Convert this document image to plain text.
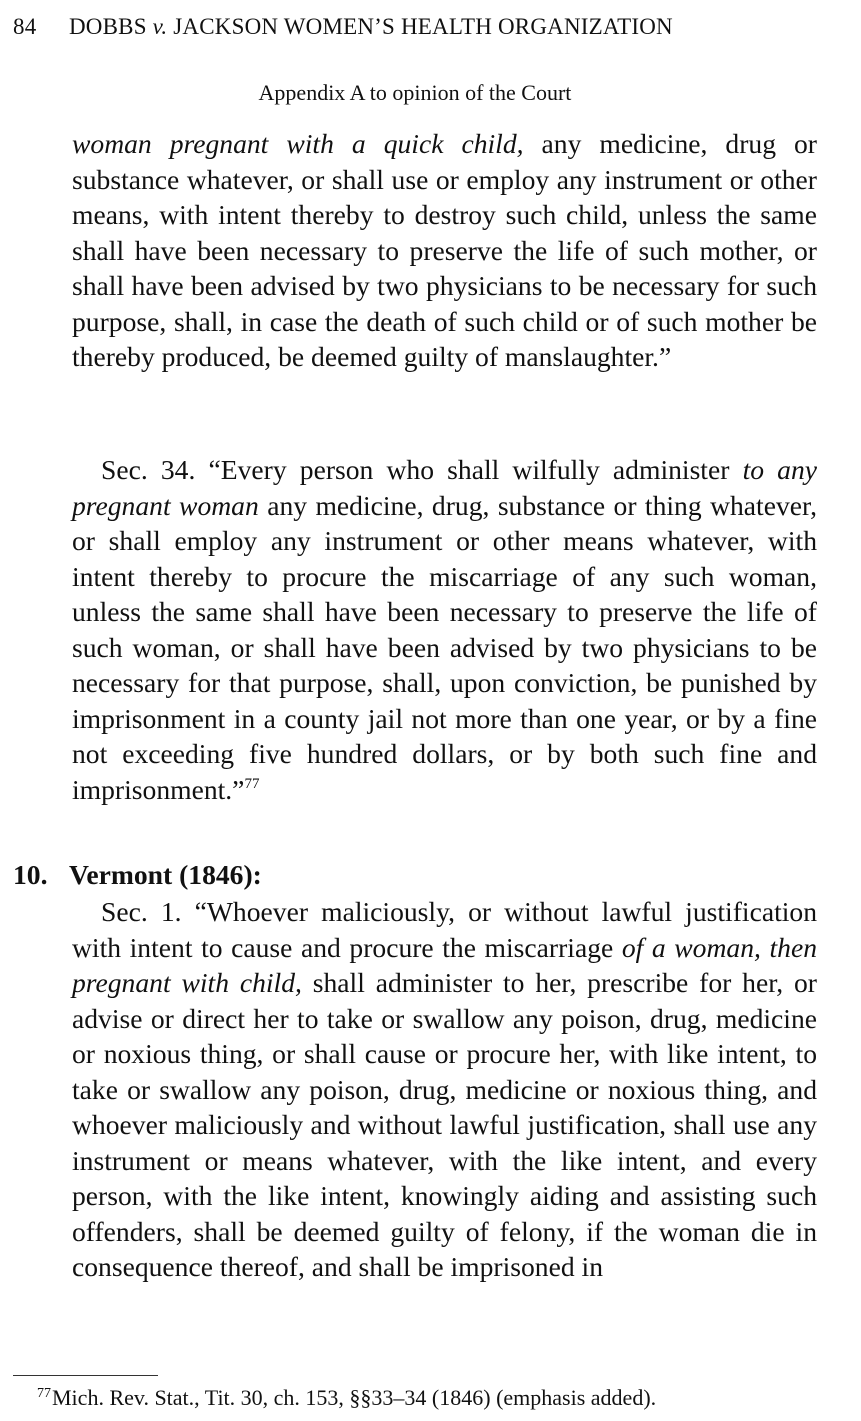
84 DOBBS v. JACKSON WOMEN’S HEALTH ORGANIZATION
Appendix A to opinion of the Court

woman pregnant with a quick child, any medicine, drug or substance whatever, or shall use or employ any instrument or other means, with intent thereby to destroy such child, unless the same shall have been necessary to preserve the life of such mother, or shall have been advised by two physicians to be necessary for such purpose, shall, in case the death of such child or of such mother be thereby produced, be deemed guilty of manslaughter.”

Sec. 34. “Every person who shall wilfully administer to any pregnant woman any medicine, drug, substance or thing whatever, or shall employ any instrument or other means whatever, with intent thereby to procure the miscarriage of any such woman, unless the same shall have been necessary to preserve the life of such woman, or shall have been advised by two physicians to be necessary for that purpose, shall, upon conviction, be punished by imprisonment in a county jail not more than one year, or by a fine not exceeding five hundred dollars, or by both such fine and imprisonment.”$^{77}$

10. Vermont (1846):

Sec. 1. “Whoever maliciously, or without lawful justification with intent to cause and procure the miscarriage of a woman, then pregnant with child, shall administer to her, prescribe for her, or advise or direct her to take or swallow any poison, drug, medicine or noxious thing, or shall cause or procure her, with like intent, to take or swallow any poison, drug, medicine or noxious thing, and whoever maliciously and without lawful justification, shall use any instrument or means whatever, with the like intent, and every person, with the like intent, knowingly aiding and assisting such offenders, shall be deemed guilty of felony, if the woman die in consequence thereof, and shall be imprisoned in

$^{77}$Mich. Rev. Stat., Tit. 30, ch. 153, §§33–34 (1846) (emphasis added).
